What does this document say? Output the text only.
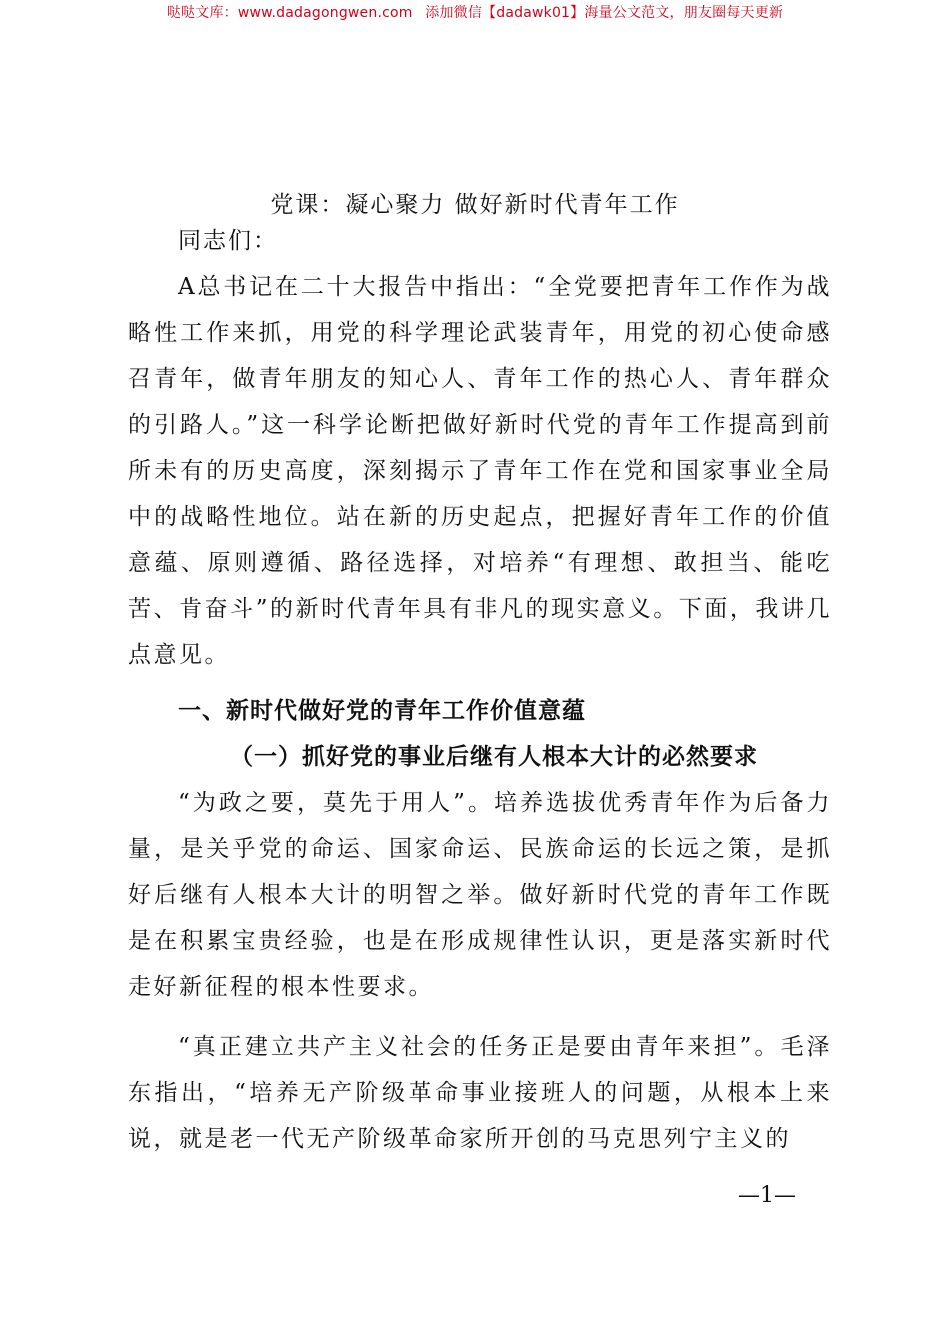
哒哒文库：www.dadagongwen.com 添加微信【dadawk01】海量公文范文，朋友圈每天更新
党课：凝心聚力 做好新时代青年工作
同志们：

A总书记在二十大报告中指出：“全党要把青年工作作为战略性工作来抓，用党的科学理论武装青年，用党的初心使命感召青年，做青年朋友的知心人、青年工作的热心人、青年群众的引路人。”这一科学论断把做好新时代党的青年工作提高到前所未有的历史高度，深刻揭示了青年工作在党和国家事业全局中的战略性地位。站在新的历史起点，把握好青年工作的价值意蕴、原则遵循、路径选择，对培养“有理想、敢担当、能吃苦、肯奋斗”的新时代青年具有非凡的现实意义。下面，我讲几点意见。

一、新时代做好党的青年工作价值意蕴
（一）抓好党的事业后继有人根本大计的必然要求

“为政之要，莫先于用人”。培养选拔优秀青年作为后备力量，是关乎党的命运、国家命运、民族命运的长远之策，是抓好后继有人根本大计的明智之举。做好新时代党的青年工作既是在积累宝贵经验，也是在形成规律性认识，更是落实新时代走好新征程的根本性要求。

“真正建立共产主义社会的任务正是要由青年来担”。毛泽东指出，“培养无产阶级革命事业接班人的问题，从根本上来说，就是老一代无产阶级革命家所开创的马克思列宁主义的

—1—
